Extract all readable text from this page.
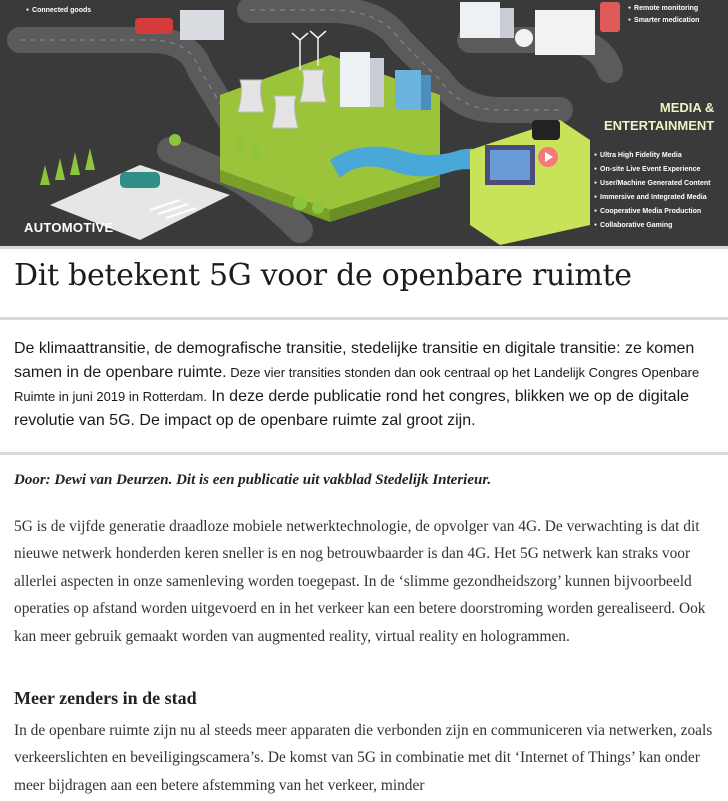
● Connected goods
●	Remote monitoring
● Smarter medication
MEDIA &
ENTERTAINMENT
● Ultra High Fidelity Media
● On-site Live Event Experience
● User/Machine Generated Content
● Immersive and Integrated Media
● Cooperative Media Production
● Collaborative Gaming
AUTOMOTIVE
Dit betekent 5G voor de openbare ruimte

De klimaattransitie, de demografische transitie, stedelijke transitie en digitale transitie: ze komen samen in de openbare ruimte. Deze vier transities stonden dan ook centraal op het Landelijk Congres Openbare Ruimte in juni 2019 in Rotterdam. In deze derde publicatie rond het congres, blikken we op de digitale revolutie van 5G. De impact op de openbare ruimte zal groot zijn.

Door: Dewi van Deurzen. Dit is een publicatie uit vakblad Stedelijk Interieur.

5G is de vijfde generatie draadloze mobiele netwerktechnologie, de opvolger van 4G. De verwachting is dat dit nieuwe netwerk honderden keren sneller is en nog betrouwbaarder is dan 4G. Het 5G netwerk kan straks voor allerlei aspecten in onze samenleving worden toegepast. In de ‘slimme gezondheidszorg’ kunnen bijvoorbeeld operaties op afstand worden uitgevoerd en in het verkeer kan een betere doorstroming worden gerealiseerd. Ook kan meer gebruik gemaakt worden van augmented reality, virtual reality en hologrammen.

Meer zenders in de stad

In de openbare ruimte zijn nu al steeds meer apparaten die verbonden zijn en communiceren via netwerken, zoals verkeerslichten en beveiligingscamera’s. De komst van 5G in combinatie met dit ‘Internet of Things’ kan onder meer bijdragen aan een betere afstemming van het verkeer, minder
